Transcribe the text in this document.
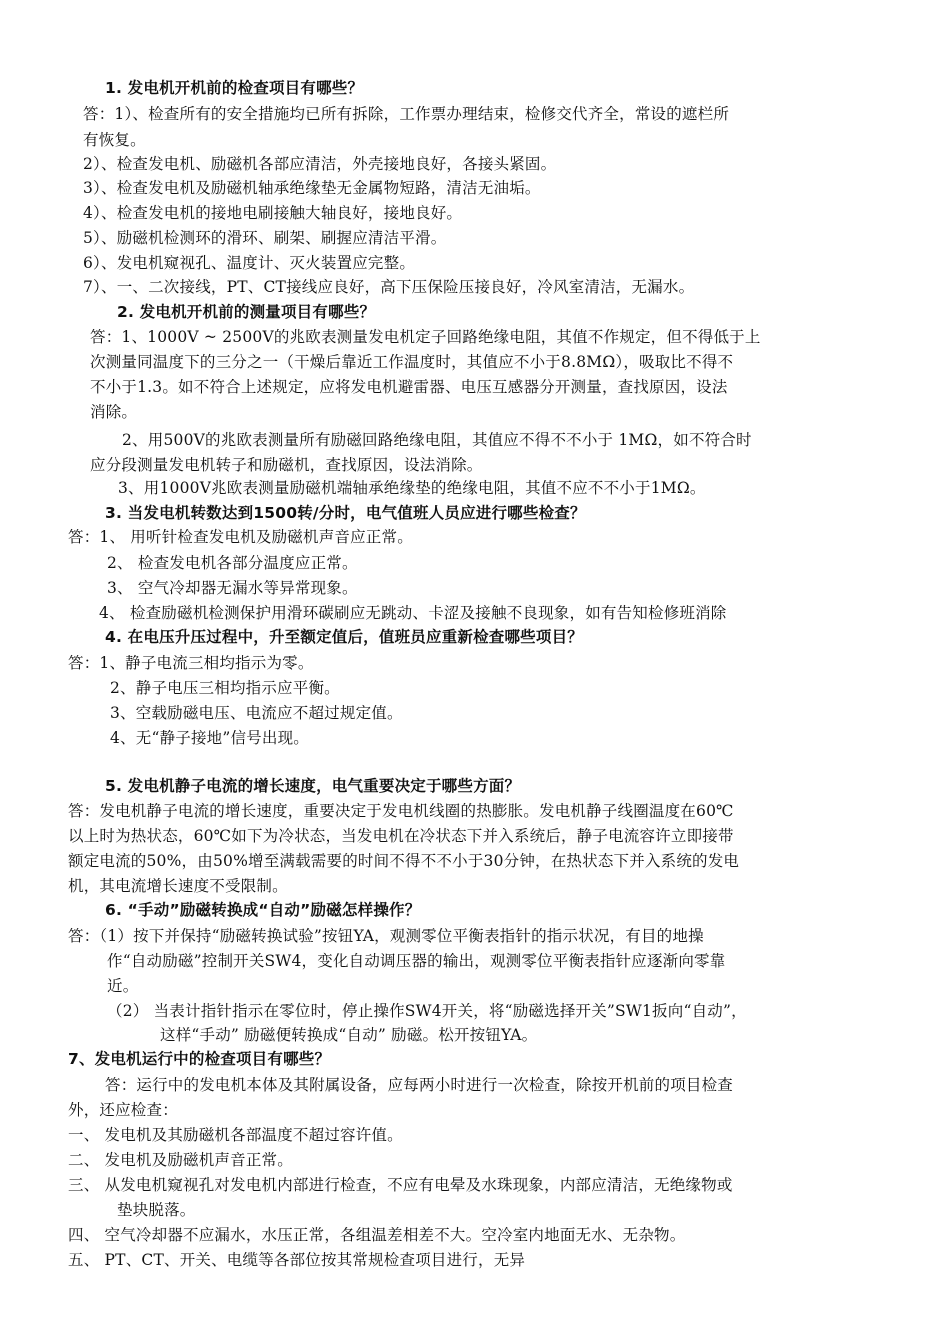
1. 发电机开机前的检查项目有哪些？
答：1）、检查所有的安全措施均已所有拆除，工作票办理结束，检修交代齐全，常设的遮栏所
有恢复。
2）、检查发电机、励磁机各部应清洁，外壳接地良好，各接头紧固。
3）、检查发电机及励磁机轴承绝缘垫无金属物短路，清洁无油垢。
4）、检查发电机的接地电刷接触大轴良好，接地良好。
5）、励磁机检测环的滑环、刷架、刷握应清洁平滑。
6）、发电机窥视孔、温度计、灭火装置应完整。
7）、一、二次接线，PT、CT接线应良好，高下压保险压接良好，冷风室清洁，无漏水。
2. 发电机开机前的测量项目有哪些？
答：1、1000V ~ 2500V的兆欧表测量发电机定子回路绝缘电阻，其值不作规定，但不得低于上
次测量同温度下的三分之一（干燥后靠近工作温度时，其值应不小于8.8MΩ），吸取比不得不
不小于1.3。如不符合上述规定，应将发电机避雷器、电压互感器分开测量，查找原因，设法
消除。
2、用500V的兆欧表测量所有励磁回路绝缘电阻，其值应不得不不小于 1MΩ，如不符合时
应分段测量发电机转子和励磁机，查找原因，设法消除。
3、用1000V兆欧表测量励磁机端轴承绝缘垫的绝缘电阻，其值不应不不小于1MΩ。
3. 当发电机转数达到1500转/分时，电气值班人员应进行哪些检查？
答：1、 用听针检查发电机及励磁机声音应正常。
2、 检查发电机各部分温度应正常。
3、 空气冷却器无漏水等异常现象。
4、 检查励磁机检测保护用滑环碳刷应无跳动、卡涩及接触不良现象，如有告知检修班消除
4. 在电压升压过程中，升至额定值后，值班员应重新检查哪些项目？
答：1、静子电流三相均指示为零。
2、静子电压三相均指示应平衡。
3、空载励磁电压、电流应不超过规定值。
4、无“静子接地”信号出现。
5. 发电机静子电流的增长速度，电气重要决定于哪些方面？
答：发电机静子电流的增长速度，重要决定于发电机线圈的热膨胀。发电机静子线圈温度在60℃
以上时为热状态，60℃如下为冷状态，当发电机在冷状态下并入系统后，静子电流容许立即接带
额定电流的50%，由50%增至满载需要的时间不得不不小于30分钟，在热状态下并入系统的发电
机，其电流增长速度不受限制。
6. “手动”励磁转换成“自动”励磁怎样操作？
答：（1）按下并保持“励磁转换试验”按钮YA，观测零位平衡表指针的指示状况，有目的地操
作“自动励磁”控制开关SW4，变化自动调压器的输出，观测零位平衡表指针应逐渐向零靠
近。
（2） 当表计指针指示在零位时，停止操作SW4开关，将“励磁选择开关”SW1扳向“自动”，
这样“手动” 励磁便转换成“自动” 励磁。松开按钮YA。
7、发电机运行中的检查项目有哪些？
答：运行中的发电机本体及其附属设备，应每两小时进行一次检查，除按开机前的项目检查
外，还应检查：
一、 发电机及其励磁机各部温度不超过容许值。
二、 发电机及励磁机声音正常。
三、 从发电机窥视孔对发电机内部进行检查，不应有电晕及水珠现象，内部应清洁，无绝缘物或
垫块脱落。
四、 空气冷却器不应漏水，水压正常，各组温差相差不大。空冷室内地面无水、无杂物。
五、 PT、CT、开关、电缆等各部位按其常规检查项目进行，无异
